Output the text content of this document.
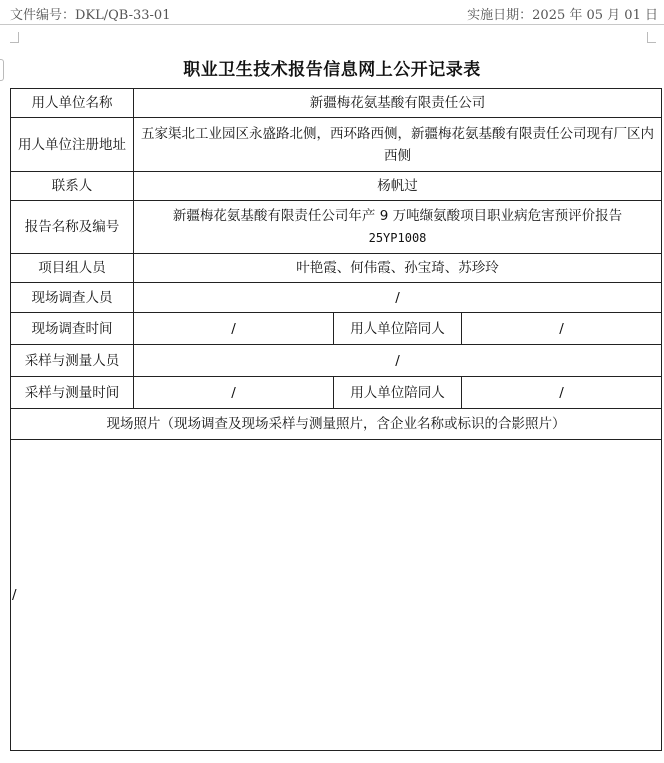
文件编号：DKL/QB-33-01	实施日期：2025 年 05 月 01 日
职业卫生技术报告信息网上公开记录表
用人单位名称	新疆梅花氨基酸有限责任公司		
用人单位注册地址	五家渠北工业园区永盛路北侧，西环路西侧，新疆梅花氨基酸有限责任公司现有厂区内西侧		
联系人	杨帆过		
报告名称及编号	新疆梅花氨基酸有限责任公司年产 9 万吨缬氨酸项目职业病危害预评价报告
25YP1008		

项目组人员	叶艳霞、何伟霞、孙宝琦、苏珍玲		
现场调查人员	/		
现场调查时间	/	用人单位陪同人	/
采样与测量人员	/		
采样与测量时间	/	用人单位陪同人	/
现场照片（现场调查及现场采样与测量照片，含企业名称或标识的合影照片）			
/			
